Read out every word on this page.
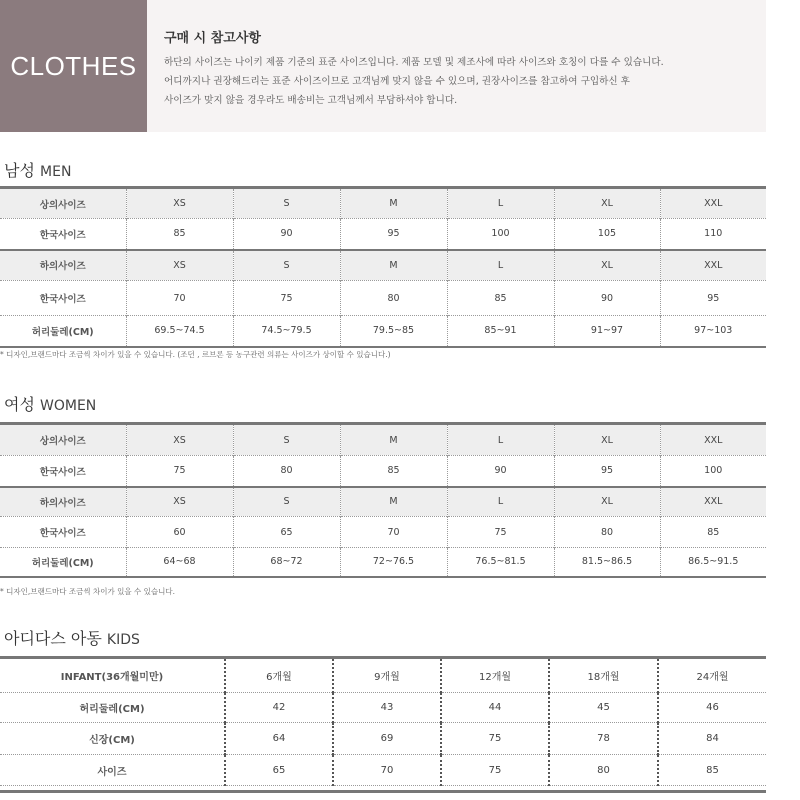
CLOTHES
구매 시 참고사항
하단의 사이즈는 나이키 제품 기준의 표준 사이즈입니다. 제품 모델 및 제조사에 따라 사이즈와 호칭이 다를 수 있습니다.
어디까지나 권장해드리는 표준 사이즈이므로 고객님께 맞지 않을 수 있으며, 권장사이즈를 참고하여 구입하신 후
사이즈가 맞지 않을 경우라도 배송비는 고객님께서 부담하셔야 합니다.
남성 MEN
상의사이즈	XS	S	M	L	XL	XXL
한국사이즈	85	90	95	100	105	110
하의사이즈	XS	S	M	L	XL	XXL
한국사이즈	70	75	80	85	90	95
허리둘레(CM)	69.5~74.5	74.5~79.5	79.5~85	85~91	91~97	97~103
* 디자인,브랜드마다 조금씩 차이가 있을 수 있습니다. (조던 , 르브론 등 농구관련 의류는 사이즈가 상이할 수 있습니다.)
여성 WOMEN
상의사이즈	XS	S	M	L	XL	XXL
한국사이즈	75	80	85	90	95	100
하의사이즈	XS	S	M	L	XL	XXL
한국사이즈	60	65	70	75	80	85
허리둘레(CM)	64~68	68~72	72~76.5	76.5~81.5	81.5~86.5	86.5~91.5
* 디자인,브랜드마다 조금씩 차이가 있을 수 있습니다.
아디다스 아동 KIDS
INFANT(36개월미만)	6개월	9개월	12개월	18개월	24개월
허리둘레(CM)	42	43	44	45	46
신장(CM)	64	69	75	78	84
사이즈	65	70	75	80	85
